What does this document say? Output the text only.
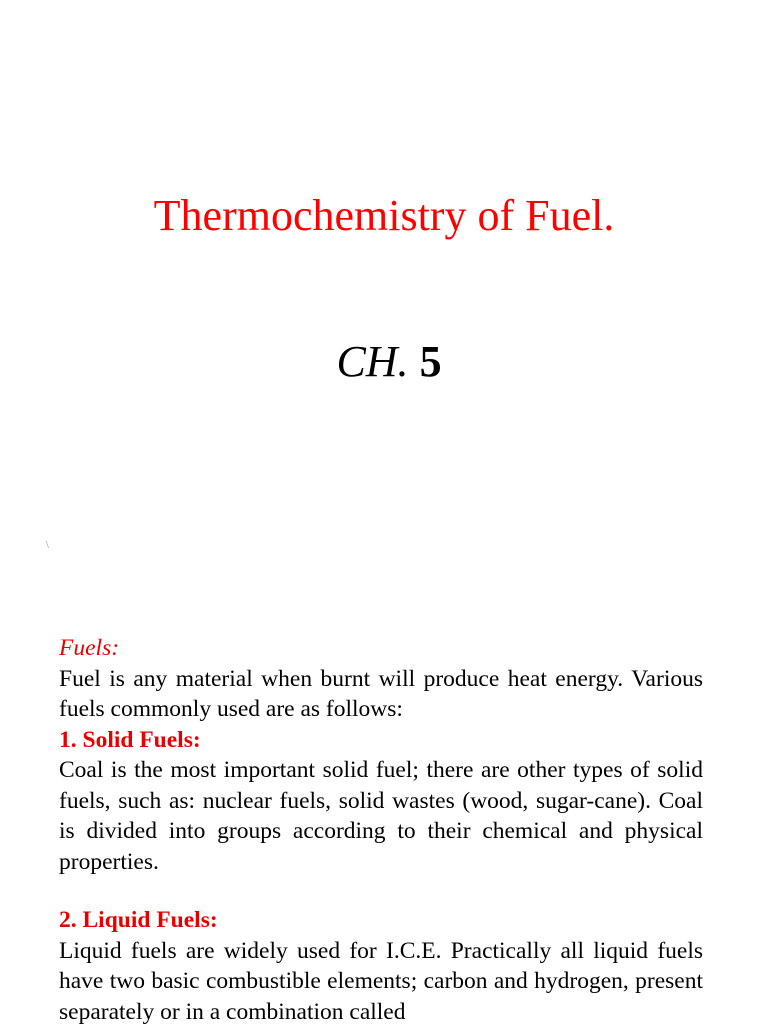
Thermochemistry of Fuel.
CH. 5
\
Fuels:

Fuel is any material when burnt will produce heat energy. Various fuels commonly used are as follows:

1. Solid Fuels:

Coal is the most important solid fuel; there are other types of solid fuels, such as: nuclear fuels, solid wastes (wood, sugar-cane). Coal is divided into groups according to their chemical and physical properties.

2. Liquid Fuels:

Liquid fuels are widely used for I.C.E. Practically all liquid fuels have two basic combustible elements; carbon and hydrogen, present separately or in a combination called
